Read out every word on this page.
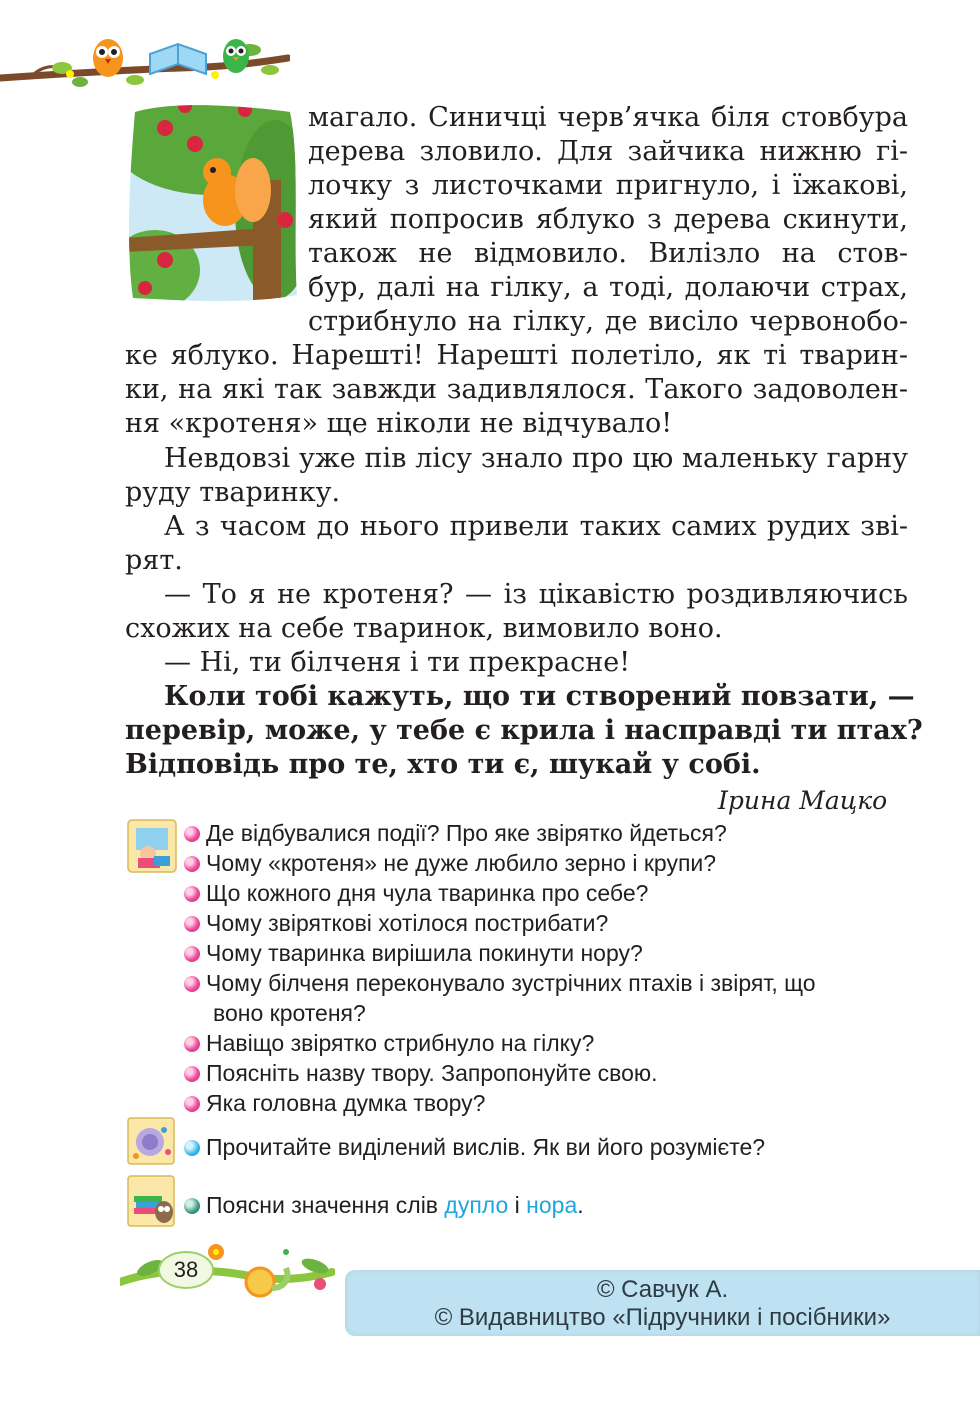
магало. Синичці черв’ячка біля стовбура
дерева зловило. Для зайчика нижню гі-
лочку з листочками пригнуло, і їжакові,
який попросив яблуко з дерева скинути,
також не відмовило. Вилізло на стов-
бур, далі на гілку, а тоді, долаючи страх,
стрибнуло на гілку, де висіло червонобо-
ке яблуко. Нарешті! Нарешті полетіло, як ті тварин-
ки, на які так завжди задивлялося. Такого задоволен-
ня «кротеня» ще ніколи не відчувало!
Невдовзі уже пів лісу знало про цю маленьку гарну
руду тваринку.
А з часом до нього привели таких самих рудих зві-
рят.
— То я не кротеня? — із цікавістю роздивляючись
схожих на себе тваринок, вимовило воно.
— Ні, ти білченя і ти прекрасне!
Коли тобі кажуть, що ти створений повзати, —
перевір, може, у тебе є крила і насправді ти птах?
Відповідь про те, хто ти є, шукай у собі.
Ірина Мацко
Де відбувалися події? Про яке звірятко йдеться?
Чому «кротеня» не дуже любило зерно і крупи?
Що кожного дня чула тваринка про себе?
Чому звіряткові хотілося пострибати?
Чому тваринка вирішила покинути нору?
Чому білченя переконувало зустрічних птахів і звірят, що
воно кротеня?
Навіщо звірятко стрибнуло на гілку?
Поясніть назву твору. Запропонуйте свою.
Яка головна думка твору?
Прочитайте виділений вислів. Як ви його розумієте?
Поясни значення слів дупло і нора.
38
© Савчук А.
© Видавництво «Підручники і посібники»
